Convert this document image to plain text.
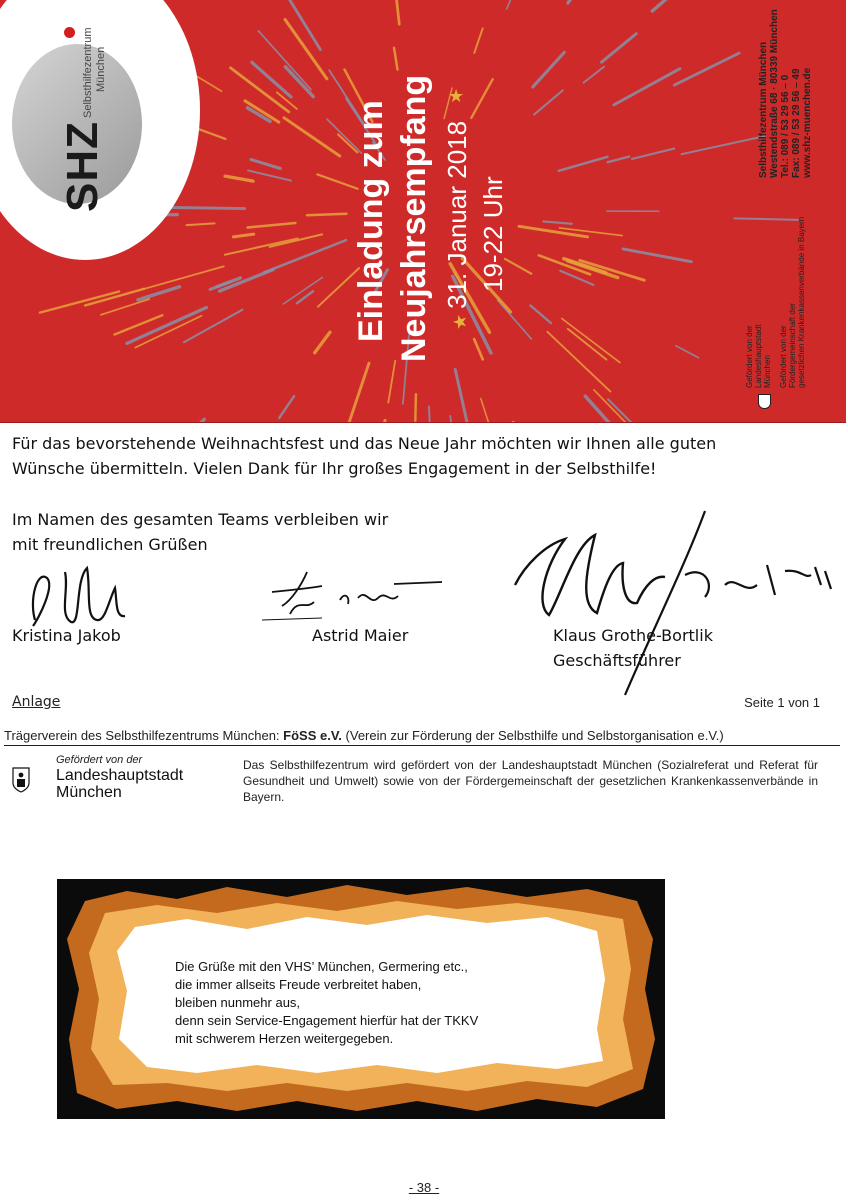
SHZ
Selbsthilfezentrum München
Einladung zum Neujahrsempfang ★ 31. Januar 2018 19-22 Uhr
★	Selbsthilfezentrum München Westendstraße 68 · 80339 München Tel.: 089 / 53 29 56 – 0 Fax: 089 / 53 29 56 – 49 www.shz-muenchen.de
Gefördert von der Landeshauptstadt München Gefördert von der Fördergemeinschaft der gesetzlichen Krankenkassenverbände in Bayern
Für das bevorstehende Weihnachtsfest und das Neue Jahr möchten wir Ihnen alle guten
Wünsche übermitteln. Vielen Dank für Ihr großes Engagement in der Selbsthilfe!
Im Namen des gesamten Teams verbleiben wir
mit freundlichen Grüßen
Kristina Jakob	Astrid Maier	Klaus Grothe-Bortlik
Geschäftsführer
Anlage	Seite 1 von 1
Trägerverein des Selbsthilfezentrums München: FöSS e.V. (Verein zur Förderung der Selbsthilfe und Selbstorganisation e.V.)
Gefördert von der
Landeshauptstadt
München
Das Selbsthilfezentrum wird gefördert von der Landeshauptstadt München (Sozialreferat und Referat für Gesundheit und Umwelt) sowie von der Fördergemeinschaft der gesetzlichen Krankenkassenverbände in Bayern.
Die Grüße mit den VHS’ München, Germering etc.,
die immer allseits Freude verbreitet haben,
bleiben nunmehr aus,
denn sein Service-Engagement hierfür hat der TKKV
mit schwerem Herzen weitergegeben.
- 38 -
